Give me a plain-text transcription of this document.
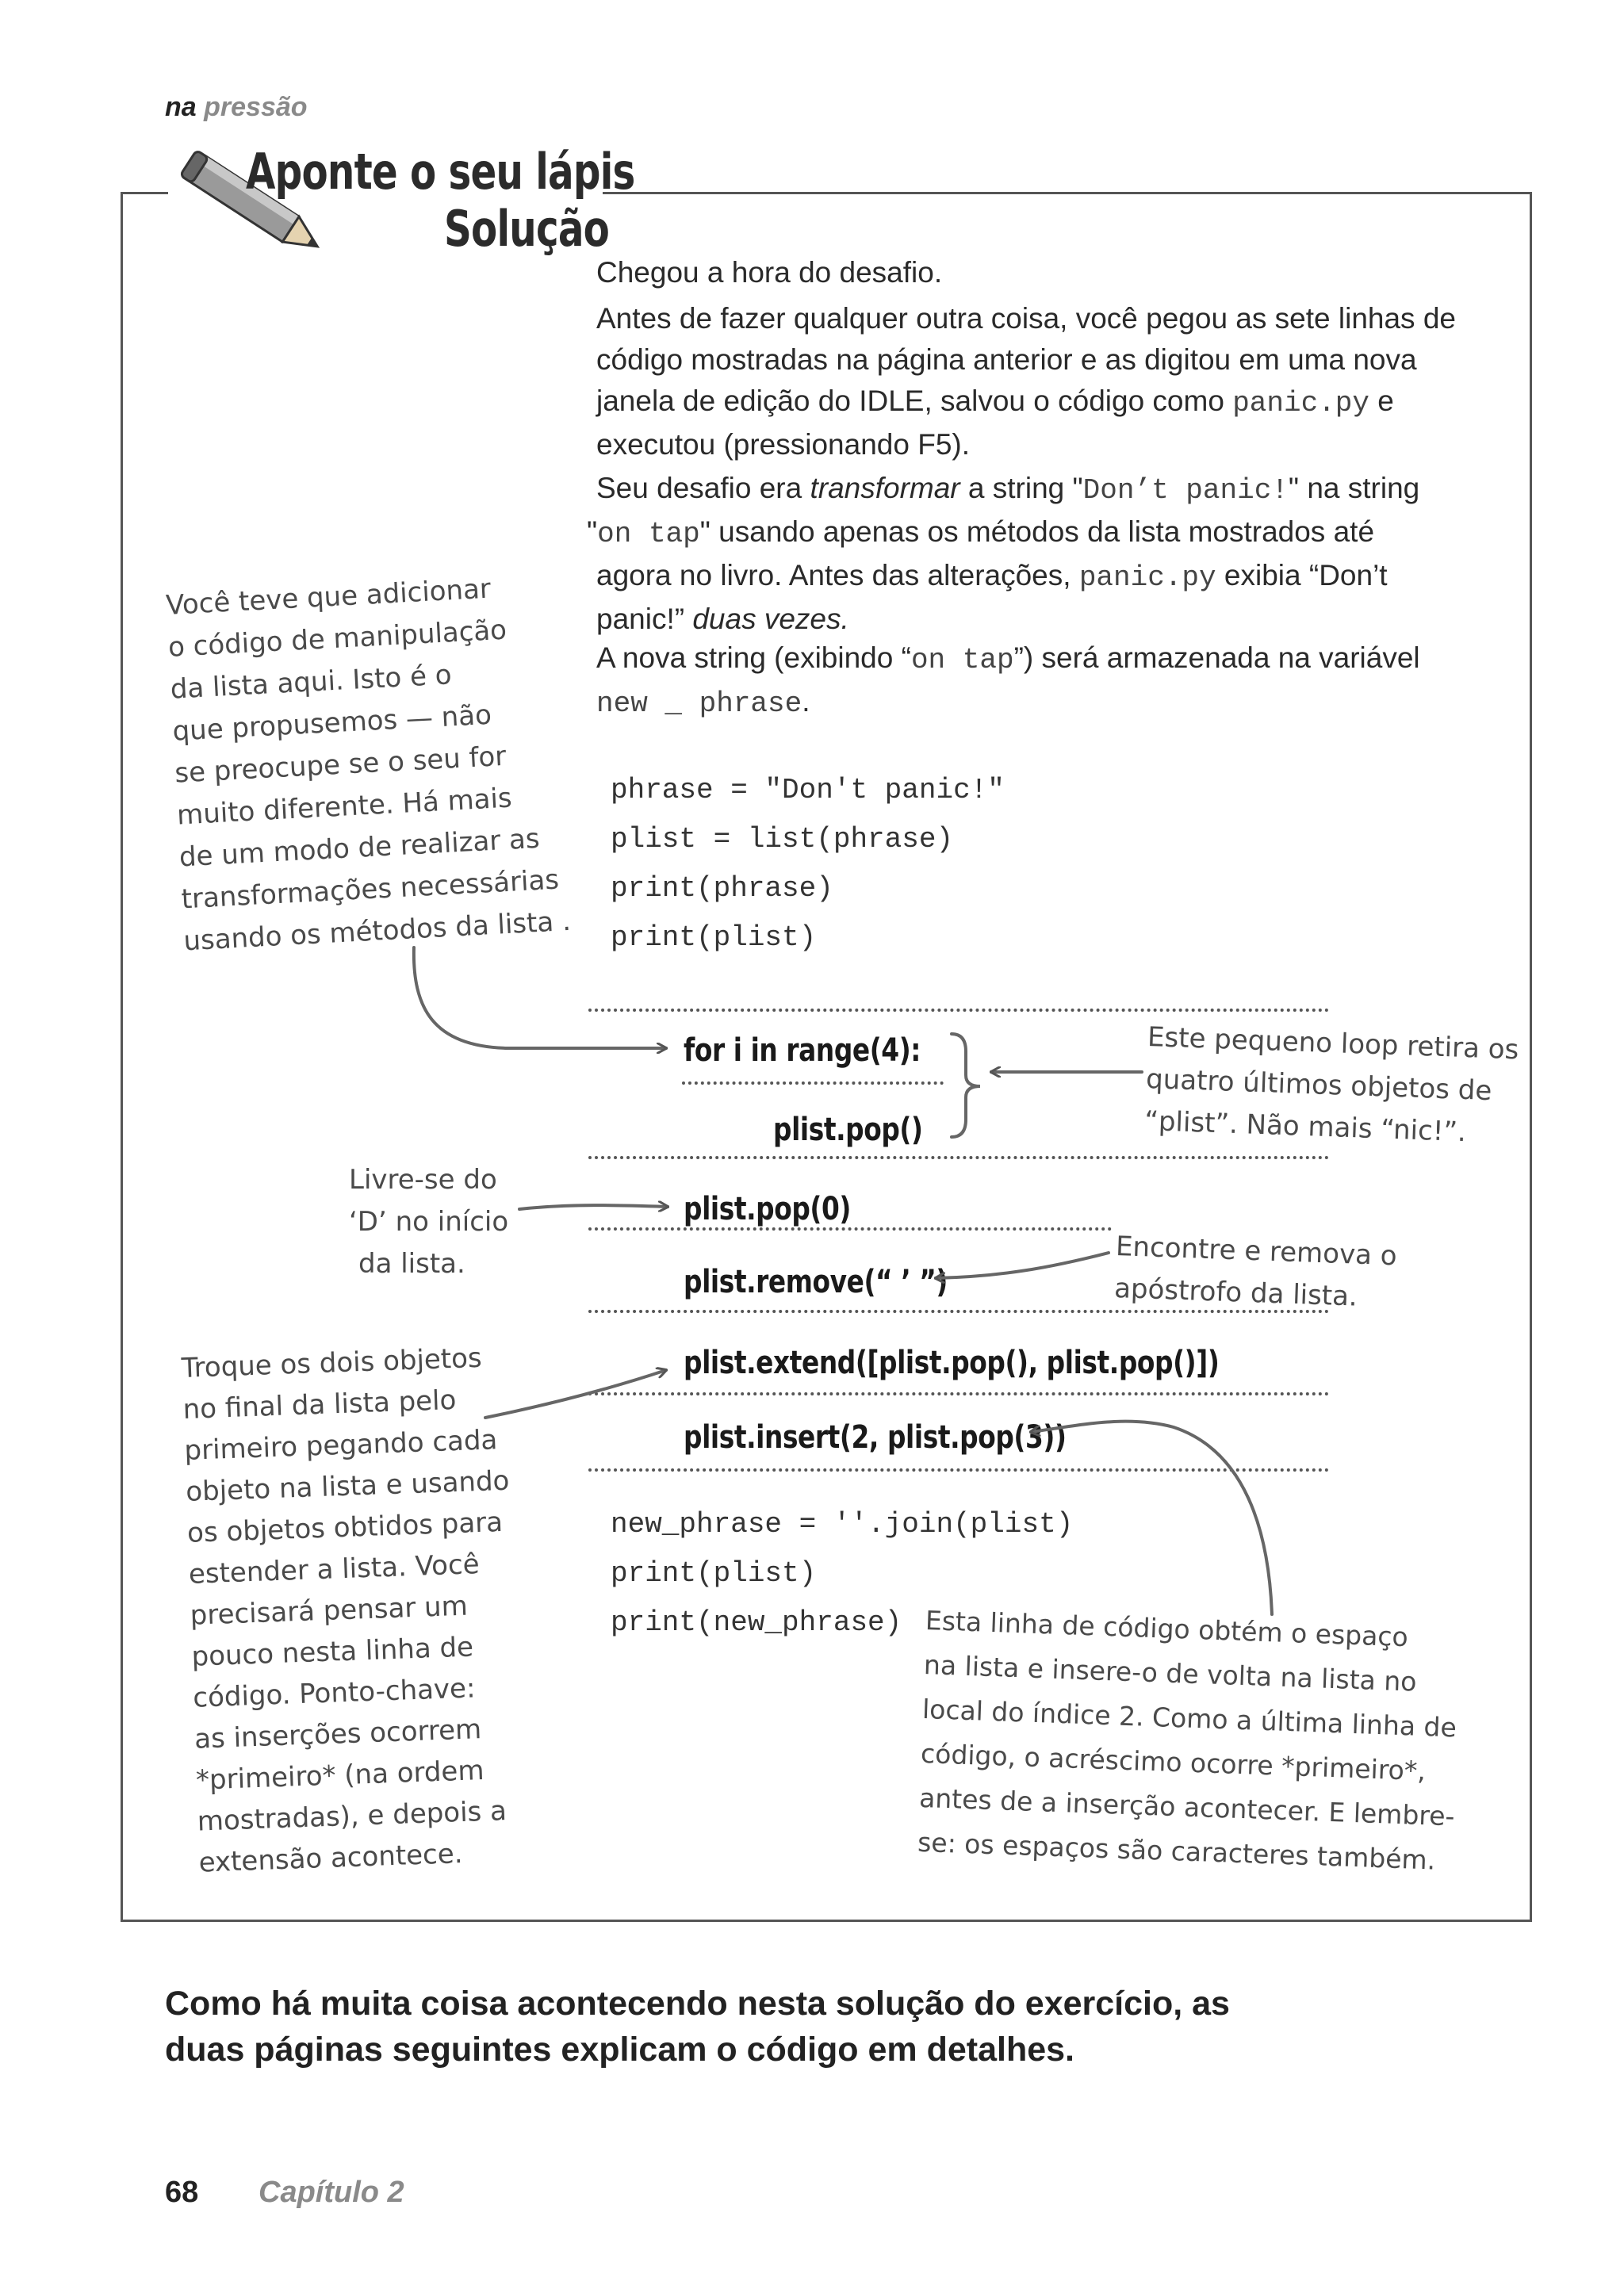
na pressão
Aponte o seu lápis
Solução
Chegou a hora do desafio.
Antes de fazer qualquer outra coisa, você pegou as sete linhas de
código mostradas na página anterior e as digitou em uma nova
janela de edição do IDLE, salvou o código como panic.py e
executou (pressionando F5).
Seu desafio era transformar a string "Don’t panic!" na string
"on tap" usando apenas os métodos da lista mostrados até
agora no livro. Antes das alterações, panic.py exibia “Don’t
panic!” duas vezes.
A nova string (exibindo “on tap”) será armazenada na variável
new _ phrase.
phrase = "Don't panic!"
plist = list(phrase)
print(phrase)
print(plist)
for i in range(4):
plist.pop()
plist.pop(0)
plist.remove(“ ’ ”)
plist.extend([plist.pop(), plist.pop()])
plist.insert(2, plist.pop(3))
new_phrase = ''.join(plist)
print(plist)
print(new_phrase)
Você teve que adicionar
o código de manipulação
da lista aqui. Isto é o
que propusemos — não
se preocupe se o seu for
muito diferente. Há mais
de um modo de realizar as
transformações necessárias
usando os métodos da lista .
Este pequeno loop retira os
quatro últimos objetos de
“plist”. Não mais “nic!”.
Livre-se do
‘D’ no início
da lista.	Encontre e remova o
apóstrofo da lista.
Troque os dois objetos
no final da lista pelo
primeiro pegando cada
objeto na lista e usando
os objetos obtidos para
estender a lista. Você
precisará pensar um
pouco nesta linha de
código. Ponto-chave:
as inserções ocorrem
*primeiro* (na ordem
mostradas), e depois a
extensão acontece.
Esta linha de código obtém o espaço
na lista e insere-o de volta na lista no
local do índice 2. Como a última linha de
código, o acréscimo ocorre *primeiro*,
antes de a inserção acontecer. E lembre-
se: os espaços são caracteres também.
Como há muita coisa acontecendo nesta solução do exercício, as
duas páginas seguintes explicam o código em detalhes.
68 Capítulo 2
